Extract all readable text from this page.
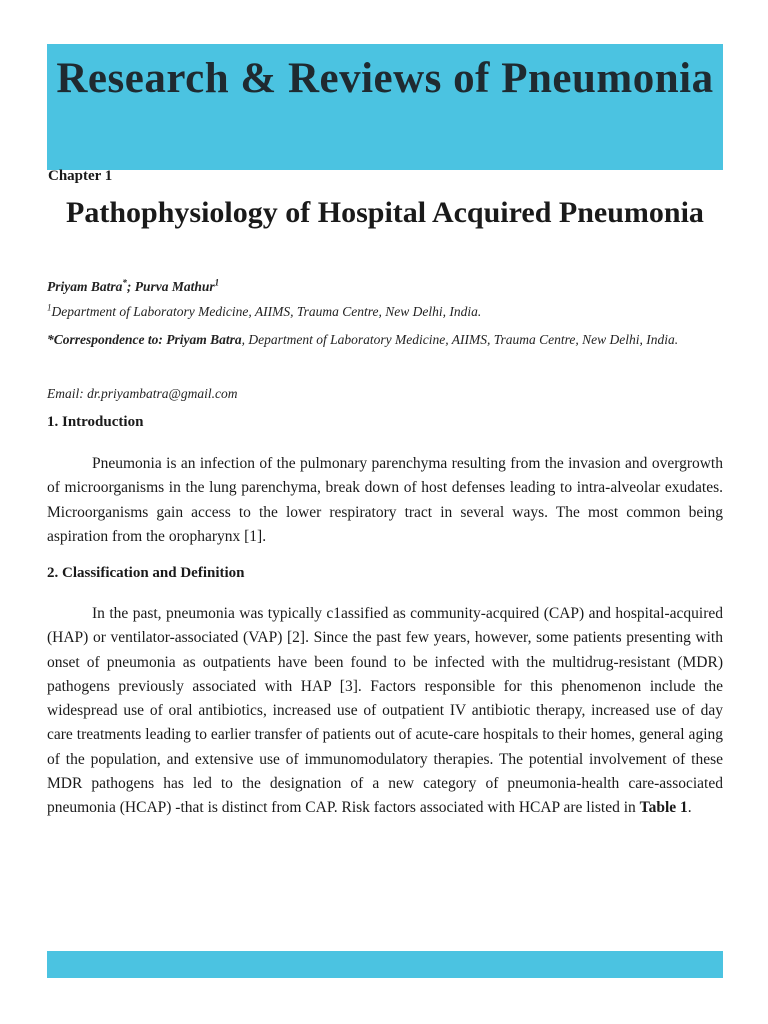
Research & Reviews of Pneumonia
Chapter 1
Pathophysiology of Hospital Acquired Pneumonia
Priyam Batra*; Purva Mathur$^1$
$^1$Department of Laboratory Medicine, AIIMS, Trauma Centre, New Delhi, India.
*Correspondence to: Priyam Batra, Department of Laboratory Medicine, AIIMS, Trauma Centre, New Delhi, India.
Email: dr.priyambatra@gmail.com
1. Introduction

Pneumonia is an infection of the pulmonary parenchyma resulting from the invasion and overgrowth of microorganisms in the lung parenchyma, break down of host defenses leading to intra-alveolar exudates. Microorganisms gain access to the lower respiratory tract in several ways. The most common being aspiration from the oropharynx [1].

2. Classification and Definition

In the past, pneumonia was typically c1assified as community-acquired (CAP) and hospital-acquired (HAP) or ventilator-associated (VAP) [2]. Since the past few years, however, some patients presenting with onset of pneumonia as outpatients have been found to be infected with the multidrug-resistant (MDR) pathogens previously associated with HAP [3]. Factors responsible for this phenomenon include the widespread use of oral antibiotics, increased use of outpatient IV antibiotic therapy, increased use of day care treatments leading to earlier transfer of patients out of acute-care hospitals to their homes, general aging of the population, and extensive use of immunomodulatory therapies. The potential involvement of these MDR pathogens has led to the designation of a new category of pneumonia-health care-associated pneumonia (HCAP) -that is distinct from CAP. Risk factors associated with HCAP are listed in Table 1.
